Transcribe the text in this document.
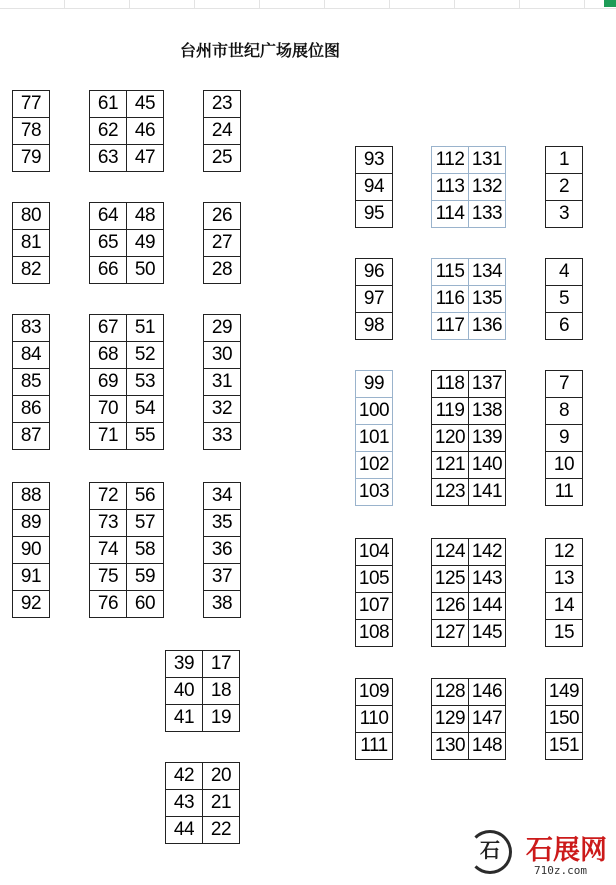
台州市世纪广场展位图
77
78
79
61
62
63
45
46
47
23
24
25
80
81
82
64
65
66
48
49
50
26
27
28
83
84
85
86
87
67
68
69
70
71
51
52
53
54
55
29
30
31
32
33
88
89
90
91
92
72
73
74
75
76
56
57
58
59
60
34
35
36
37
38
39
40
41
17
18
19
42
43
44
20
21
22
93
94
95
112
113
114
131
132
133
1
2
3
96
97
98
115
116
117
134
135
136
4
5
6
99
100
101
102
103
118
119
120
121
123
137
138
139
140
141
7
8
9
10
11
104
105
107
108
124
125
126
127
142
143
144
145
12
13
14
15
109
110
111
128
129
130
146
147
148
149
150
151
石 石展网
710z.com
